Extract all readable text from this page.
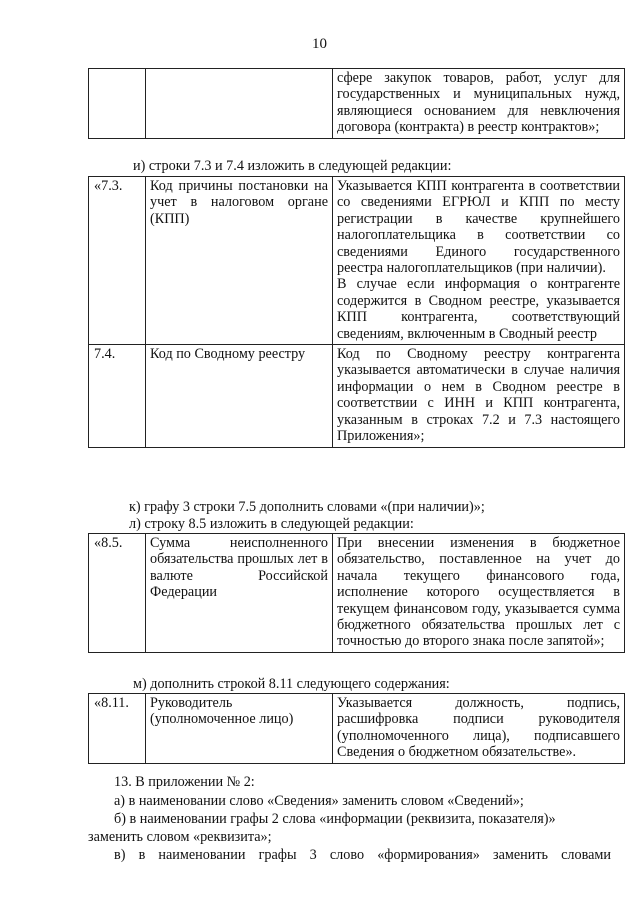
10
		сфере закупок товаров, работ, услуг для государственных и муниципальных нужд, являющиеся основанием для невключения договора (контракта) в реестр контрактов»;
и) строки 7.3 и 7.4 изложить в следующей редакции:
«7.3.	Код причины постановки на учет в налоговом органе (КПП)	Указывается КПП контрагента в соответствии со сведениями ЕГРЮЛ и КПП по месту регистрации в качестве крупнейшего налогоплательщика в соответствии со сведениями Единого государственного реестра налогоплательщиков (при наличии).
В случае если информация о контрагенте содержится в Сводном реестре, указывается КПП контрагента, соответствующий сведениям, включенным в Сводный реестр

7.4.	Код по Сводному реестру	Код по Сводному реестру контрагента указывается автоматически в случае наличия информации о нем в Сводном реестре в соответствии с ИНН и КПП контрагента, указанным в строках 7.2 и 7.3 настоящего Приложения»;
к) графу 3 строки 7.5 дополнить словами «(при наличии)»;
л) строку 8.5 изложить в следующей редакции:
«8.5.	Сумма неисполненного обязательства прошлых лет в валюте Российской Федерации	При внесении изменения в бюджетное обязательство, поставленное на учет до начала текущего финансового года, исполнение которого осуществляется в текущем финансовом году, указывается сумма бюджетного обязательства прошлых лет с точностью до второго знака после запятой»;
м) дополнить строкой 8.11 следующего содержания:
«8.11.	Руководитель (уполномоченное лицо)	Указывается должность, подпись, расшифровка подписи руководителя (уполномоченного лица), подписавшего Сведения о бюджетном обязательстве».
13. В приложении № 2:
а) в наименовании слово «Сведения» заменить словом «Сведений»;
б) в наименовании графы 2 слова «информации (реквизита, показателя)»
заменить словом «реквизита»;
в) в наименовании графы 3 слово «формирования» заменить словами
